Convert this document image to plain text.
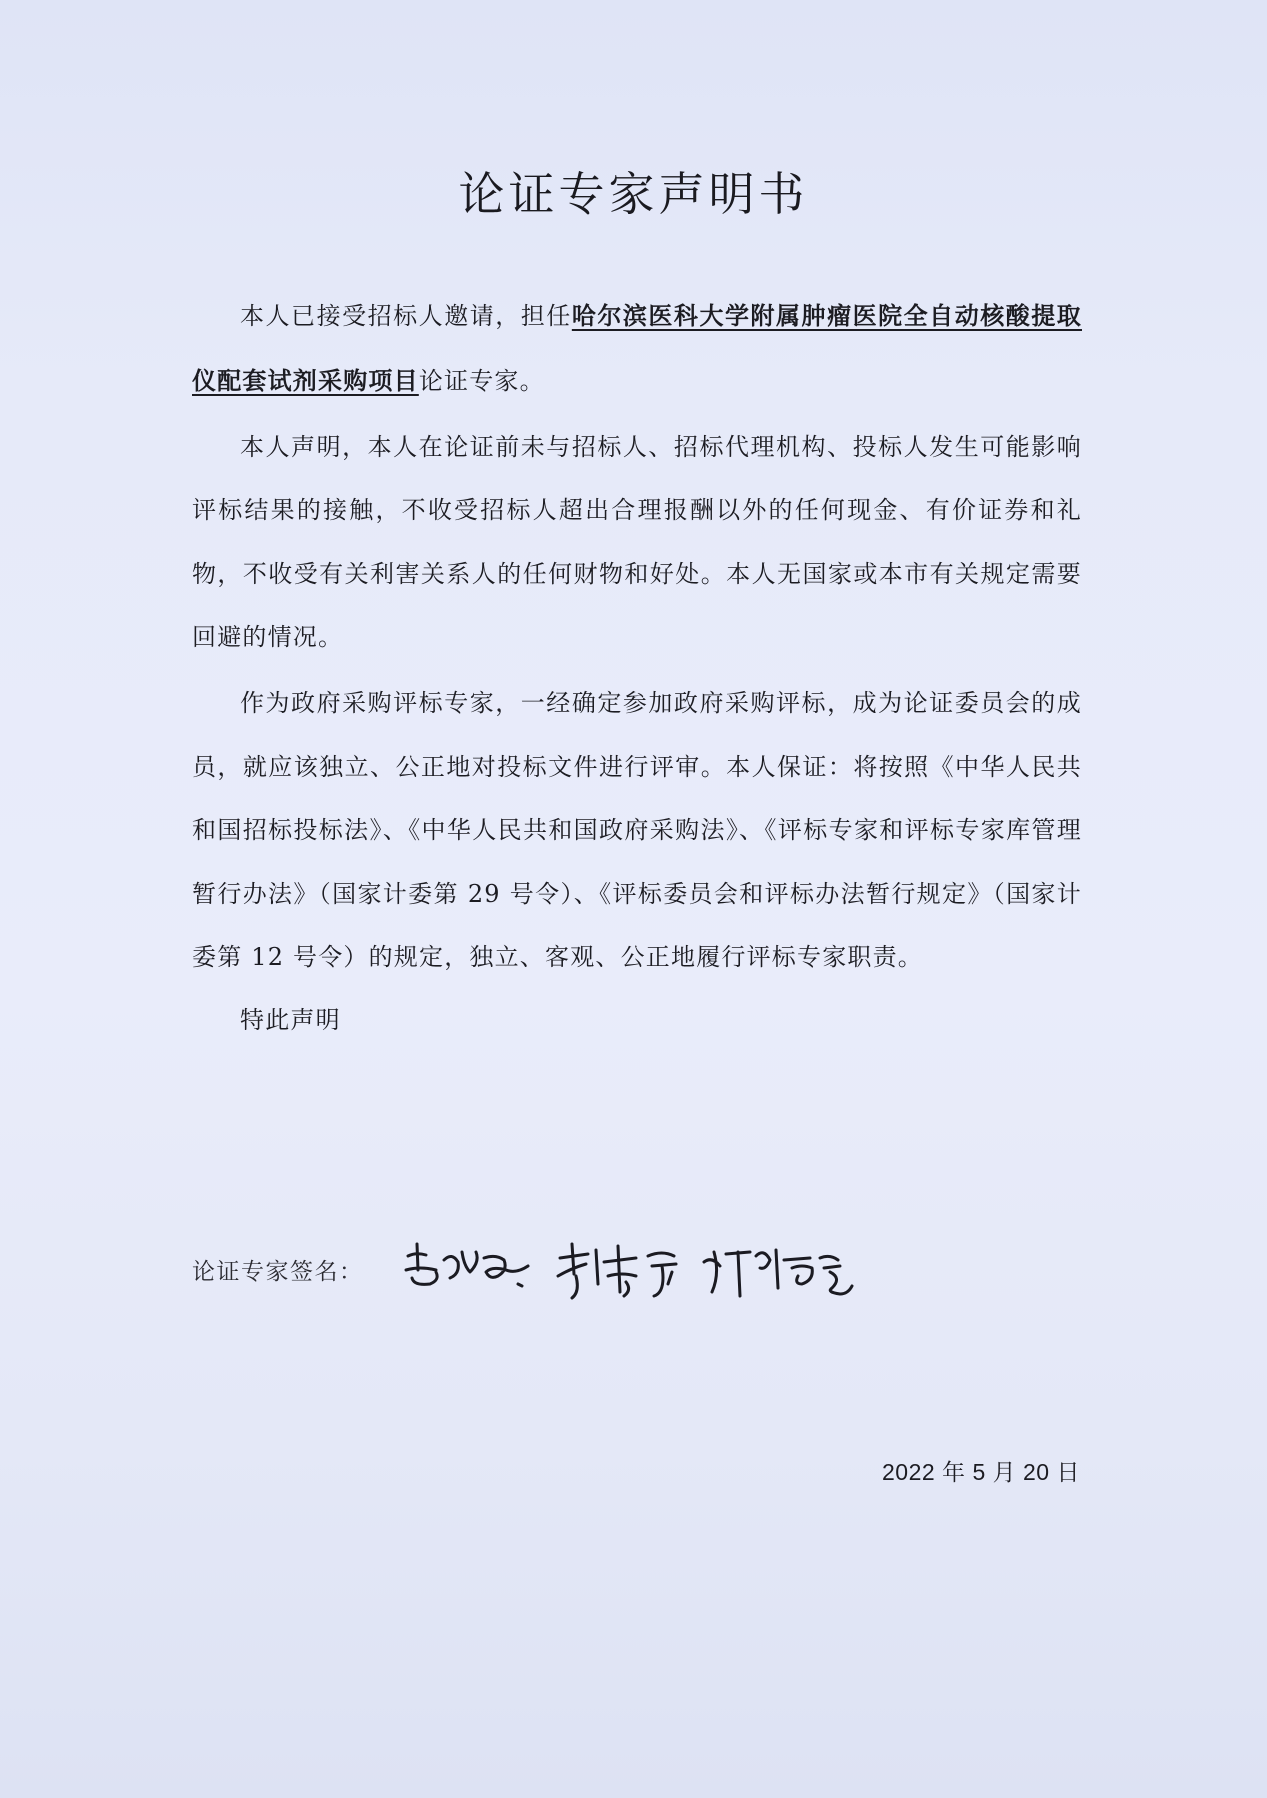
论证专家声明书

本人已接受招标人邀请，担任哈尔滨医科大学附属肿瘤医院全自动核酸提取仪配套试剂采购项目论证专家。

本人声明，本人在论证前未与招标人、招标代理机构、投标人发生可能影响评标结果的接触，不收受招标人超出合理报酬以外的任何现金、有价证券和礼物，不收受有关利害关系人的任何财物和好处。本人无国家或本市有关规定需要回避的情况。

作为政府采购评标专家，一经确定参加政府采购评标，成为论证委员会的成员，就应该独立、公正地对投标文件进行评审。本人保证：将按照《中华人民共和国招标投标法》、《中华人民共和国政府采购法》、《评标专家和评标专家库管理暂行办法》（国家计委第 29 号令）、《评标委员会和评标办法暂行规定》（国家计委第 12 号令）的规定，独立、客观、公正地履行评标专家职责。

特此声明
论证专家签名：
2022 年 5 月 20 日
